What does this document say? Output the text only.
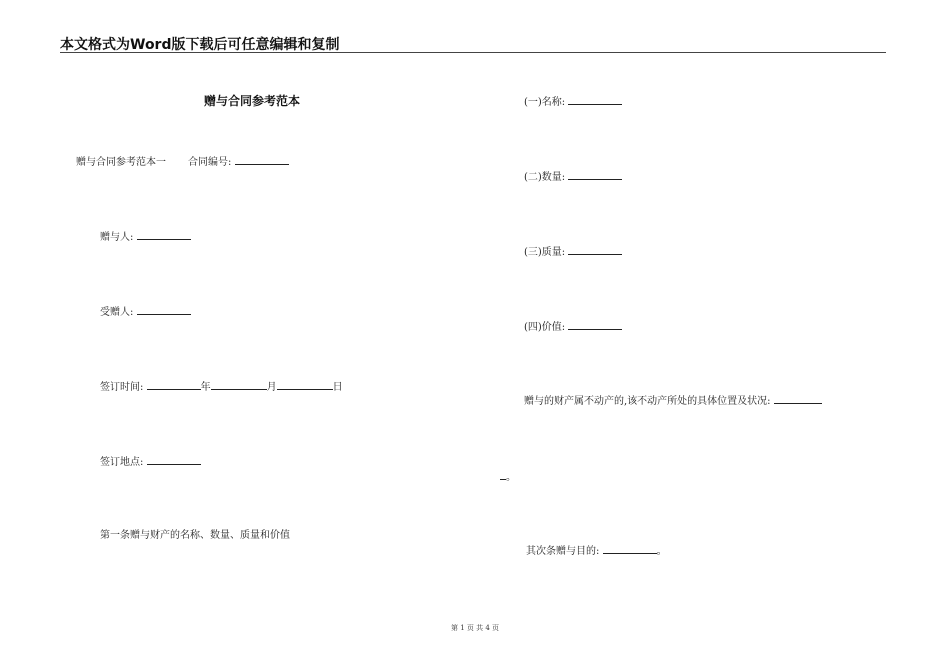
本文格式为Word版下载后可任意编辑和复制
赠与合同参考范本
赠与合同参考范本一 合同编号:
赠与人:
受赠人:
签订时间:	年	月	日
签订地点:
第一条赠与财产的名称、数量、质量和价值
(一)名称:
(二)数量:
(三)质量:
(四)价值:
赠与的财产属不动产的,该不动产所处的具体位置及状况:
。
其次条赠与目的:	。
第 1 页 共 4 页
